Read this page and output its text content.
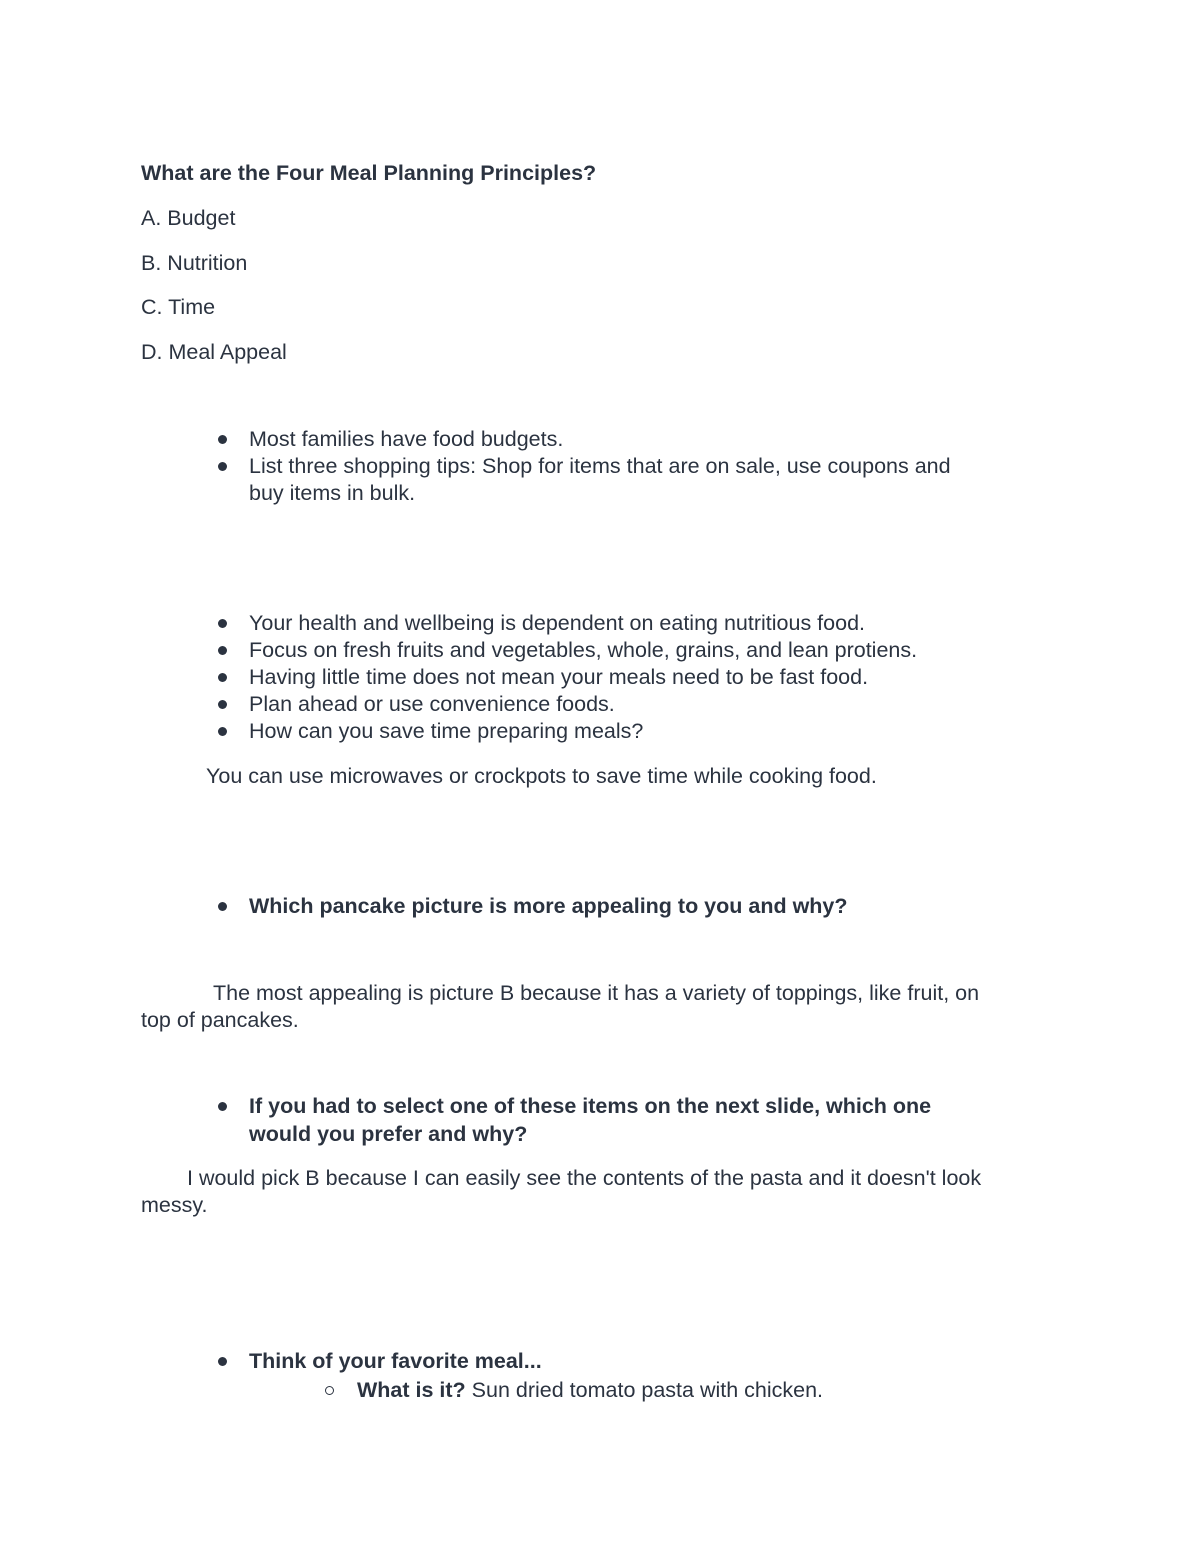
What are the Four Meal Planning Principles?
A. Budget
B. Nutrition
C. Time
D. Meal Appeal
Most families have food budgets.
List three shopping tips: Shop for items that are on sale, use coupons and
buy items in bulk.
Your health and wellbeing is dependent on eating nutritious food.
Focus on fresh fruits and vegetables, whole, grains, and lean protiens.
Having little time does not mean your meals need to be fast food.
Plan ahead or use convenience foods.
How can you save time preparing meals?
You can use microwaves or crockpots to save time while cooking food.
Which pancake picture is more appealing to you and why?
The most appealing is picture B because it has a variety of toppings, like fruit, on
top of pancakes.
If you had to select one of these items on the next slide, which one
would you prefer and why?
I would pick B because I can easily see the contents of the pasta and it doesn't look
messy.
Think of your favorite meal...
What is it? Sun dried tomato pasta with chicken.
